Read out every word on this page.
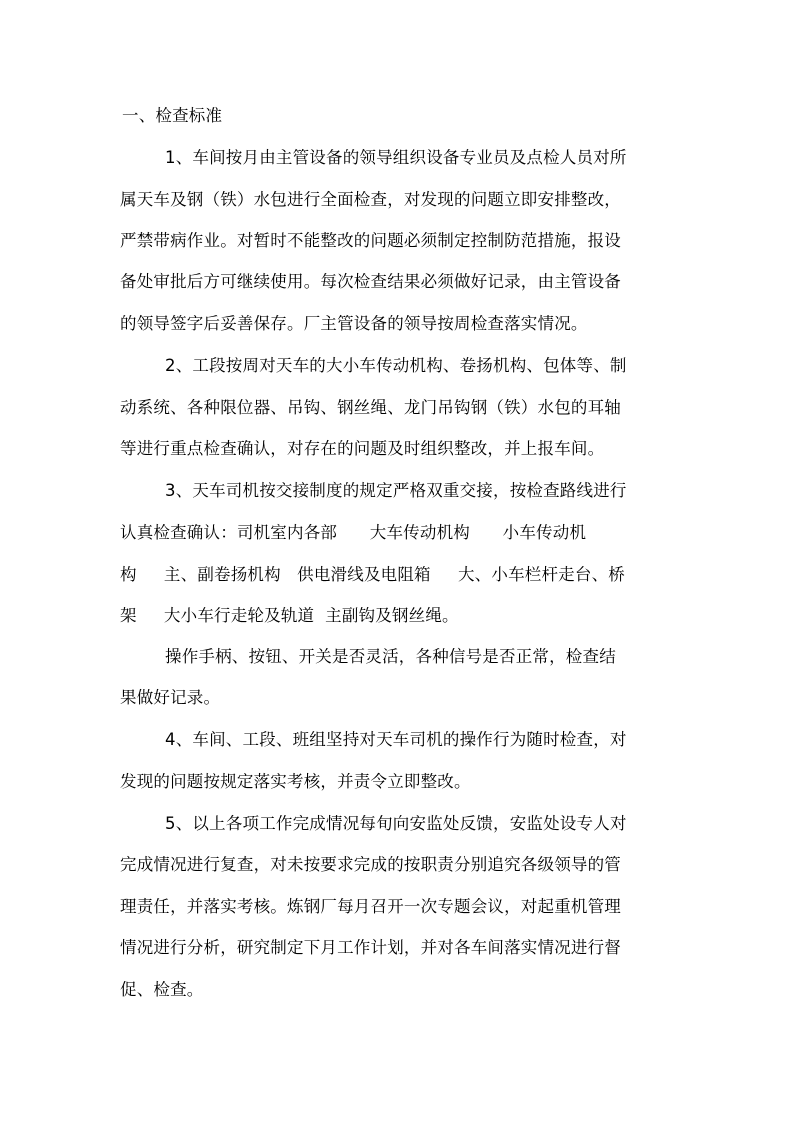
一、检查标准
1、车间按月由主管设备的领导组织设备专业员及点检人员对所
属天车及钢（铁）水包进行全面检查，对发现的问题立即安排整改，
严禁带病作业。对暂时不能整改的问题必须制定控制防范措施，报设
备处审批后方可继续使用。每次检查结果必须做好记录，由主管设备
的领导签字后妥善保存。厂主管设备的领导按周检查落实情况。
2、工段按周对天车的大小车传动机构、卷扬机构、包体等、制
动系统、各种限位器、吊钩、钢丝绳、龙门吊钩钢（铁）水包的耳轴
等进行重点检查确认，对存在的问题及时组织整改，并上报车间。
3、天车司机按交接制度的规定严格双重交接，按检查路线进行
认真检查确认：司机室内各部      大车传动机构      小车传动机
构     主、副卷扬机构   供电滑线及电阻箱     大、小车栏杆走台、桥
架     大小车行走轮及轨道  主副钩及钢丝绳。
操作手柄、按钮、开关是否灵活，各种信号是否正常，检查结
果做好记录。
4、车间、工段、班组坚持对天车司机的操作行为随时检查，对
发现的问题按规定落实考核，并责令立即整改。
5、以上各项工作完成情况每旬向安监处反馈，安监处设专人对
完成情况进行复查，对未按要求完成的按职责分别追究各级领导的管
理责任，并落实考核。炼钢厂每月召开一次专题会议，对起重机管理
情况进行分析，研究制定下月工作计划，并对各车间落实情况进行督
促、检查。
